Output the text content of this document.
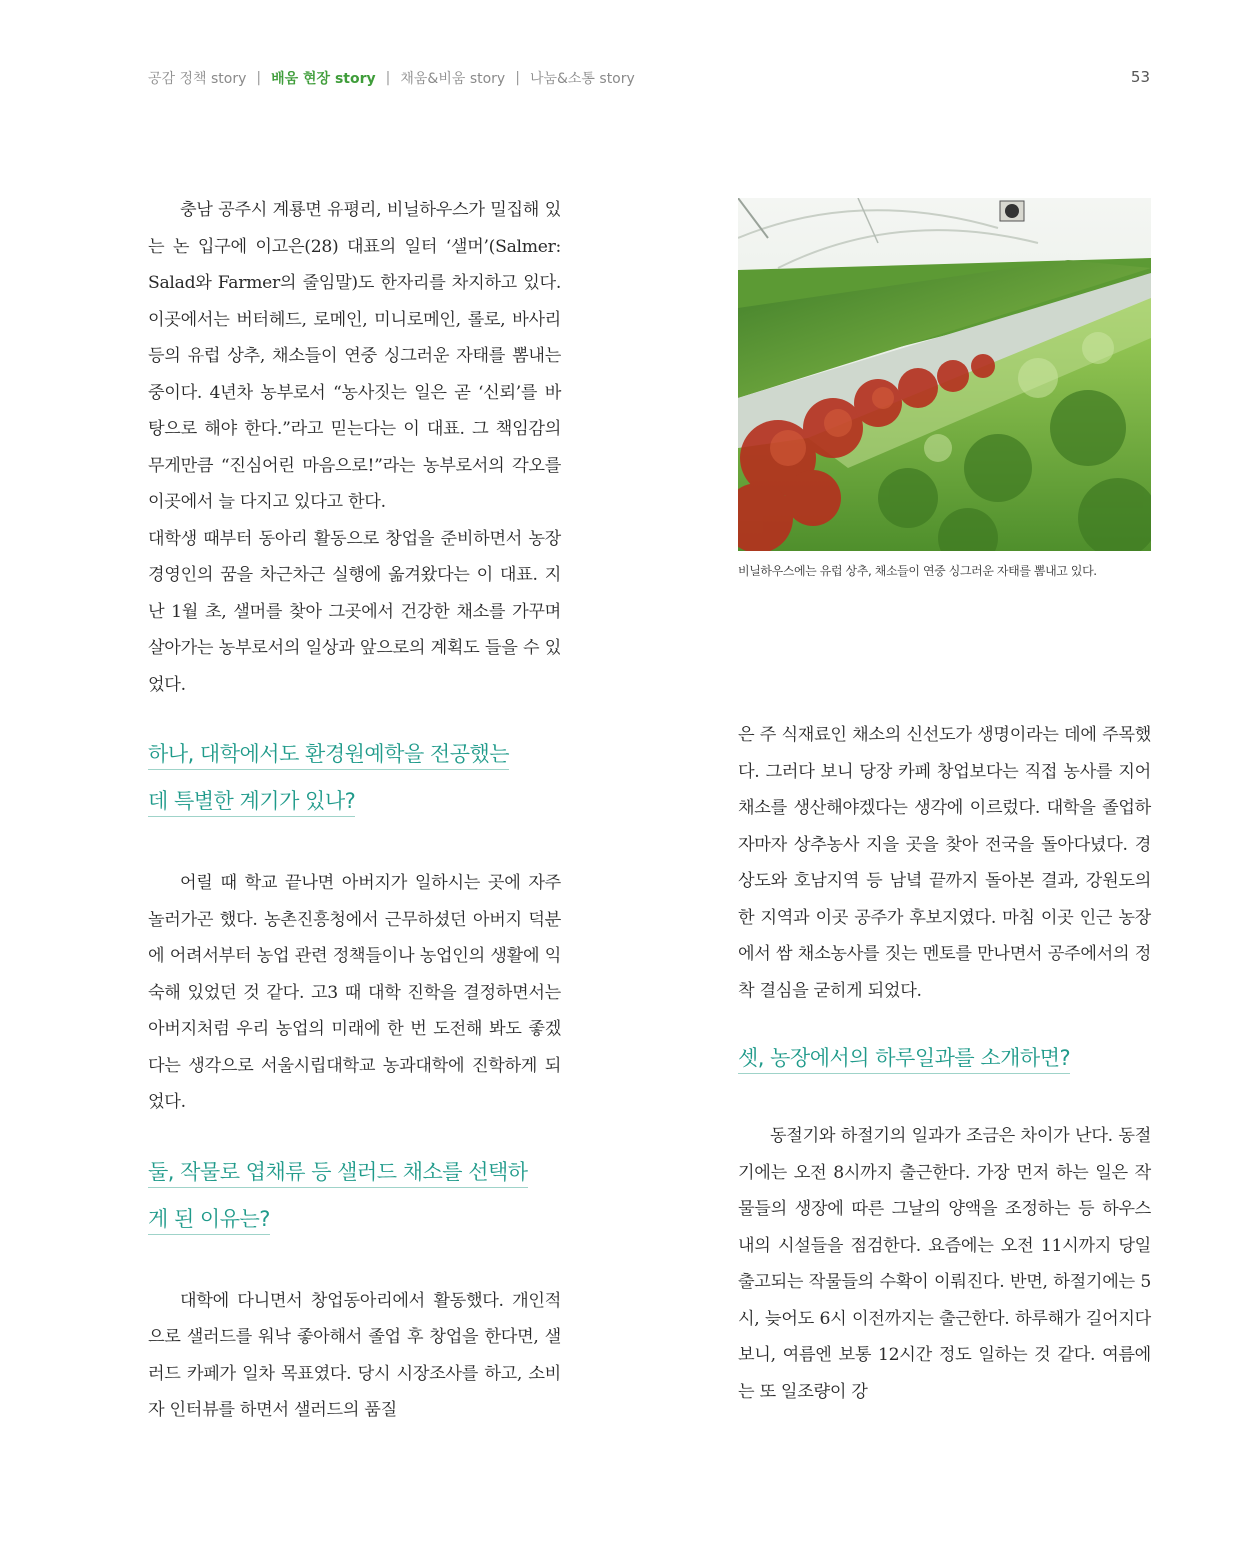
공감 정책 story | 배움 현장 story | 채움&비움 story | 나눔&소통 story	53

충남 공주시 계룡면 유평리, 비닐하우스가 밀집해 있는 논 입구에 이고은(28) 대표의 일터 ‘샐머’(Salmer: Salad와 Farmer의 줄임말)도 한자리를 차지하고 있다. 이곳에서는 버터헤드, 로메인, 미니로메인, 롤로, 바사리 등의 유럽 상추, 채소들이 연중 싱그러운 자태를 뽐내는 중이다. 4년차 농부로서 “농사짓는 일은 곧 ‘신뢰’를 바탕으로 해야 한다.”라고 믿는다는 이 대표. 그 책임감의 무게만큼 “진심어린 마음으로!”라는 농부로서의 각오를 이곳에서 늘 다지고 있다고 한다.

대학생 때부터 동아리 활동으로 창업을 준비하면서 농장 경영인의 꿈을 차근차근 실행에 옮겨왔다는 이 대표. 지난 1월 초, 샐머를 찾아 그곳에서 건강한 채소를 가꾸며 살아가는 농부로서의 일상과 앞으로의 계획도 들을 수 있었다.

하나, 대학에서도 환경원예학을 전공했는
데 특별한 계기가 있나?

어릴 때 학교 끝나면 아버지가 일하시는 곳에 자주 놀러가곤 했다. 농촌진흥청에서 근무하셨던 아버지 덕분에 어려서부터 농업 관련 정책들이나 농업인의 생활에 익숙해 있었던 것 같다. 고3 때 대학 진학을 결정하면서는 아버지처럼 우리 농업의 미래에 한 번 도전해 봐도 좋겠다는 생각으로 서울시립대학교 농과대학에 진학하게 되었다.

둘, 작물로 엽채류 등 샐러드 채소를 선택하
게 된 이유는?

대학에 다니면서 창업동아리에서 활동했다. 개인적으로 샐러드를 워낙 좋아해서 졸업 후 창업을 한다면, 샐러드 카페가 일차 목표였다. 당시 시장조사를 하고, 소비자 인터뷰를 하면서 샐러드의 품질

비닐하우스에는 유럽 상추, 채소들이 연중 싱그러운 자태를 뽐내고 있다.

은 주 식재료인 채소의 신선도가 생명이라는 데에 주목했다. 그러다 보니 당장 카페 창업보다는 직접 농사를 지어 채소를 생산해야겠다는 생각에 이르렀다. 대학을 졸업하자마자 상추농사 지을 곳을 찾아 전국을 돌아다녔다. 경상도와 호남지역 등 남녘 끝까지 돌아본 결과, 강원도의 한 지역과 이곳 공주가 후보지였다. 마침 이곳 인근 농장에서 쌈 채소농사를 짓는 멘토를 만나면서 공주에서의 정착 결심을 굳히게 되었다.

셋, 농장에서의 하루일과를 소개하면?

동절기와 하절기의 일과가 조금은 차이가 난다. 동절기에는 오전 8시까지 출근한다. 가장 먼저 하는 일은 작물들의 생장에 따른 그날의 양액을 조정하는 등 하우스 내의 시설들을 점검한다. 요즘에는 오전 11시까지 당일 출고되는 작물들의 수확이 이뤄진다. 반면, 하절기에는 5시, 늦어도 6시 이전까지는 출근한다. 하루해가 길어지다 보니, 여름엔 보통 12시간 정도 일하는 것 같다. 여름에는 또 일조량이 강
